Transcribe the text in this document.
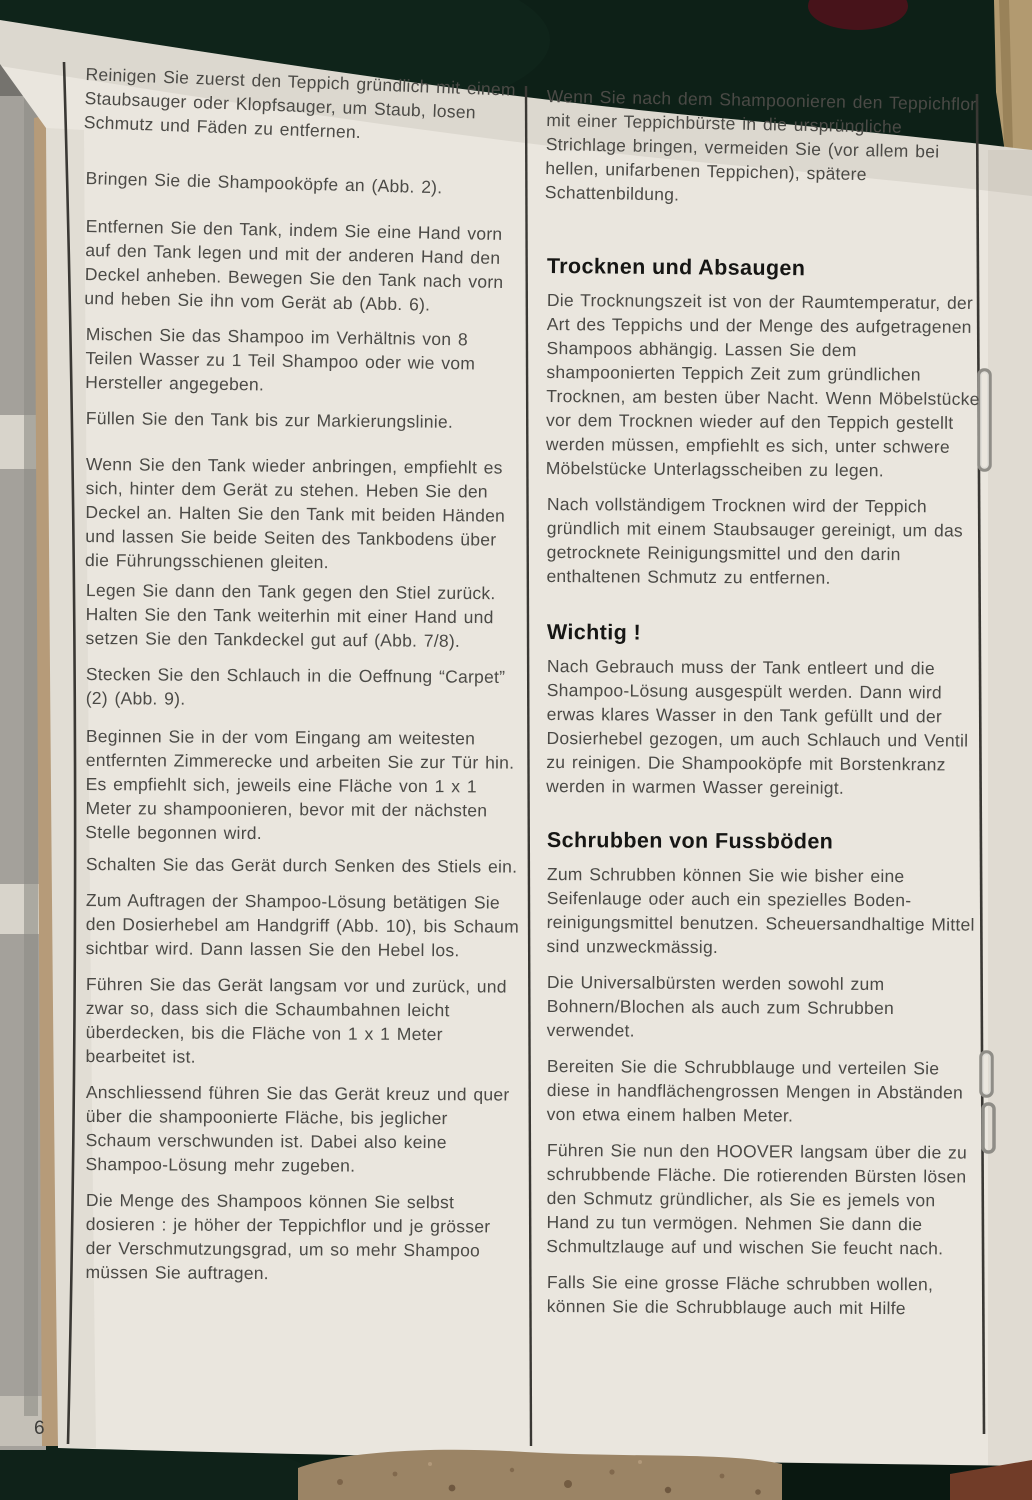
Reinigen Sie zuerst den Teppich gründlich mit einem Staubsauger oder Klopfsauger, um Staub, losen Schmutz und Fäden zu entfernen.

Bringen Sie die Shampooköpfe an (Abb. 2).

Entfernen Sie den Tank, indem Sie eine Hand vorn auf den Tank legen und mit der anderen Hand den Deckel anheben. Bewegen Sie den Tank nach vorn und heben Sie ihn vom Gerät ab (Abb. 6).

Mischen Sie das Shampoo im Verhältnis von 8 Teilen Wasser zu 1 Teil Shampoo oder wie vom Hersteller angegeben.

Füllen Sie den Tank bis zur Markierungslinie.

Wenn Sie den Tank wieder anbringen, empfiehlt es sich, hinter dem Gerät zu stehen. Heben Sie den Deckel an. Halten Sie den Tank mit beiden Händen und lassen Sie beide Seiten des Tankbodens über die Führungsschienen gleiten.

Legen Sie dann den Tank gegen den Stiel zurück. Halten Sie den Tank weiterhin mit einer Hand und setzen Sie den Tankdeckel gut auf (Abb. 7/8).

Stecken Sie den Schlauch in die Oeffnung “Carpet” (2) (Abb. 9).

Beginnen Sie in der vom Eingang am weitesten entfernten Zimmerecke und arbeiten Sie zur Tür hin. Es empfiehlt sich, jeweils eine Fläche von 1 x 1 Meter zu shampoonieren, bevor mit der nächsten Stelle begonnen wird.

Schalten Sie das Gerät durch Senken des Stiels ein.

Zum Auftragen der Shampoo-Lösung betätigen Sie den Dosierhebel am Handgriff (Abb. 10), bis Schaum sichtbar wird. Dann lassen Sie den Hebel los.

Führen Sie das Gerät langsam vor und zurück, und zwar so, dass sich die Schaumbahnen leicht überdecken, bis die Fläche von 1 x 1 Meter bearbeitet ist.

Anschliessend führen Sie das Gerät kreuz und quer über die shampoonierte Fläche, bis jeglicher Schaum verschwunden ist. Dabei also keine Shampoo-Lösung mehr zugeben.

Die Menge des Shampoos können Sie selbst dosieren : je höher der Teppichflor und je grösser der Verschmutzungsgrad, um so mehr Shampoo müssen Sie auftragen.

Wenn Sie nach dem Shampoonieren den Teppichflor mit einer Teppichbürste in die ursprüngliche Strichlage bringen, vermeiden Sie (vor allem bei hellen, unifarbenen Teppichen), spätere Schattenbildung.

Trocknen und Absaugen

Die Trocknungszeit ist von der Raumtemperatur, der Art des Teppichs und der Menge des aufgetragenen Shampoos abhängig. Lassen Sie dem shampoonierten Teppich Zeit zum gründlichen Trocknen, am besten über Nacht. Wenn Möbelstücke vor dem Trocknen wieder auf den Teppich gestellt werden müssen, empfiehlt es sich, unter schwere Möbelstücke Unterlagsscheiben zu legen.

Nach vollständigem Trocknen wird der Teppich gründlich mit einem Staubsauger gereinigt, um das getrocknete Reinigungsmittel und den darin enthaltenen Schmutz zu entfernen.

Wichtig !

Nach Gebrauch muss der Tank entleert und die Shampoo-Lösung ausgespült werden. Dann wird erwas klares Wasser in den Tank gefüllt und der Dosierhebel gezogen, um auch Schlauch und Ventil zu reinigen. Die Shampooköpfe mit Borstenkranz werden in warmen Wasser gereinigt.

Schrubben von Fussböden

Zum Schrubben können Sie wie bisher eine Seifenlauge oder auch ein spezielles Boden-reinigungsmittel benutzen. Scheuersandhaltige Mittel sind unzweckmässig.

Die Universalbürsten werden sowohl zum Bohnern/Blochen als auch zum Schrubben verwendet.

Bereiten Sie die Schrubblauge und verteilen Sie diese in handflächengrossen Mengen in Abständen von etwa einem halben Meter.

Führen Sie nun den HOOVER langsam über die zu schrubbende Fläche. Die rotierenden Bürsten lösen den Schmutz gründlicher, als Sie es jemels von Hand zu tun vermögen. Nehmen Sie dann die Schmultzlauge auf und wischen Sie feucht nach.

Falls Sie eine grosse Fläche schrubben wollen, können Sie die Schrubblauge auch mit Hilfe

6
